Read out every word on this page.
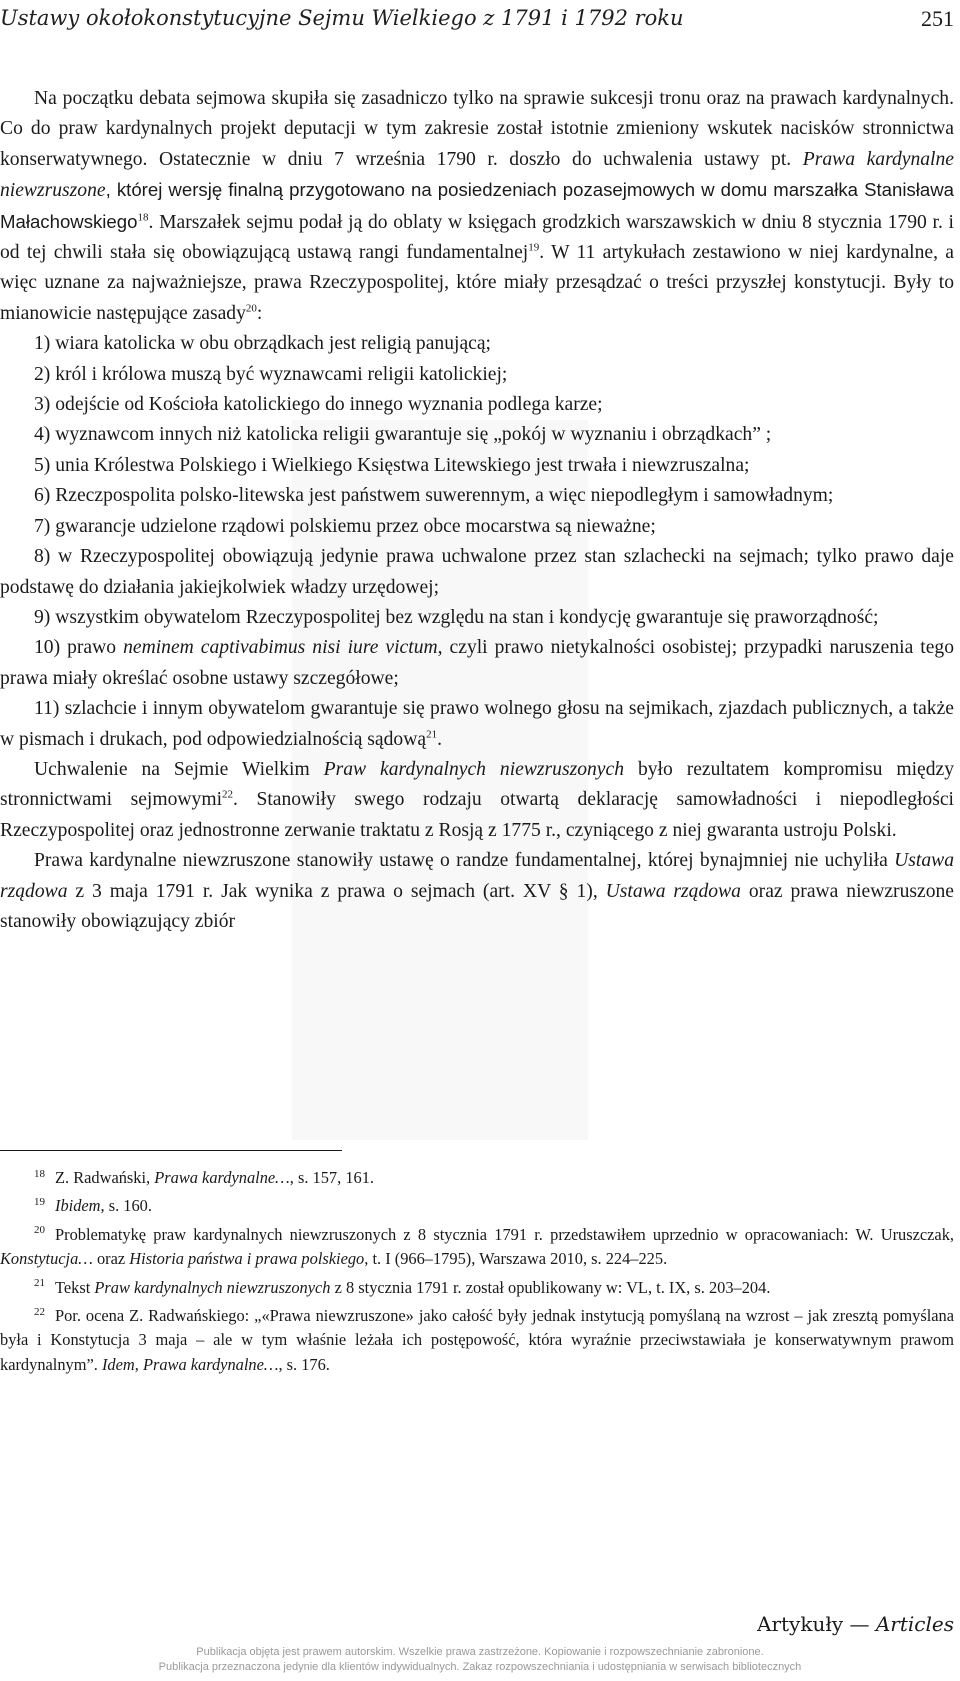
Ustawy okołokonstytucyjne Sejmu Wielkiego z 1791 i 1792 roku	251

Na początku debata sejmowa skupiła się zasadniczo tylko na sprawie sukcesji tronu oraz na prawach kardynalnych. Co do praw kardynalnych projekt deputacji w tym zakresie został istotnie zmieniony wskutek nacisków stronnictwa konserwatywnego. Ostatecznie w dniu 7 września 1790 r. doszło do uchwalenia ustawy pt. Prawa kardynalne niewzruszone, której wersję finalną przygotowano na posiedzeniach pozasejmowych w domu marszałka Stanisława Małachowskiego$^{18}$. Marszałek sejmu podał ją do oblaty w księgach grodzkich warszawskich w dniu 8 stycznia 1790 r. i od tej chwili stała się obowiązującą ustawą rangi fundamentalnej$^{19}$. W 11 artykułach zestawiono w niej kardynalne, a więc uznane za najważniejsze, prawa Rzeczypospolitej, które miały przesądzać o treści przyszłej konstytucji. Były to mianowicie następujące zasady$^{20}$:

1) wiara katolicka w obu obrządkach jest religią panującą;

2) król i królowa muszą być wyznawcami religii katolickiej;

3) odejście od Kościoła katolickiego do innego wyznania podlega karze;

4) wyznawcom innych niż katolicka religii gwarantuje się „pokój w wyznaniu i obrządkach” ;

5) unia Królestwa Polskiego i Wielkiego Księstwa Litewskiego jest trwała i niewzruszalna;

6) Rzeczpospolita polsko-litewska jest państwem suwerennym, a więc niepodległym i samowładnym;

7) gwarancje udzielone rządowi polskiemu przez obce mocarstwa są nieważne;

8) w Rzeczypospolitej obowiązują jedynie prawa uchwalone przez stan szlachecki na sejmach; tylko prawo daje podstawę do działania jakiejkolwiek władzy urzędowej;

9) wszystkim obywatelom Rzeczypospolitej bez względu na stan i kondycję gwarantuje się praworządność;

10) prawo neminem captivabimus nisi iure victum, czyli prawo nietykalności osobistej; przypadki naruszenia tego prawa miały określać osobne ustawy szczegółowe;

11) szlachcie i innym obywatelom gwarantuje się prawo wolnego głosu na sejmikach, zjazdach publicznych, a także w pismach i drukach, pod odpowiedzialnością sądową$^{21}$.

Uchwalenie na Sejmie Wielkim Praw kardynalnych niewzruszonych było rezultatem kompromisu między stronnictwami sejmowymi$^{22}$. Stanowiły swego rodzaju otwartą deklarację samowładności i niepodległości Rzeczypospolitej oraz jednostronne zerwanie traktatu z Rosją z 1775 r., czyniącego z niej gwaranta ustroju Polski.

Prawa kardynalne niewzruszone stanowiły ustawę o randze fundamentalnej, której bynajmniej nie uchyliła Ustawa rządowa z 3 maja 1791 r. Jak wynika z prawa o sejmach (art. XV § 1), Ustawa rządowa oraz prawa niewzruszone stanowiły obowiązujący zbiór

$^{18}$ Z. Radwański, Prawa kardynalne…, s. 157, 161.

$^{19}$ Ibidem, s. 160.

$^{20}$ Problematykę praw kardynalnych niewzruszonych z 8 stycznia 1791 r. przedstawiłem uprzednio w opracowaniach: W. Uruszczak, Konstytucja… oraz Historia państwa i prawa polskiego, t. I (966–1795), Warszawa 2010, s. 224–225.

$^{21}$ Tekst Praw kardynalnych niewzruszonych z 8 stycznia 1791 r. został opublikowany w: VL, t. IX, s. 203–204.

$^{22}$ Por. ocena Z. Radwańskiego: „«Prawa niewzruszone» jako całość były jednak instytucją pomyślaną na wzrost – jak zresztą pomyślana była i Konstytucja 3 maja – ale w tym właśnie leżała ich postępowość, która wyraźnie przeciwstawiała je konserwatywnym prawom kardynalnym”. Idem, Prawa kardynalne…, s. 176.

Artykuły — Articles
Publikacja objęta jest prawem autorskim. Wszelkie prawa zastrzeżone. Kopiowanie i rozpowszechnianie zabronione.
Publikacja przeznaczona jedynie dla klientów indywidualnych. Zakaz rozpowszechniania i udostępniania w serwisach bibliotecznych
